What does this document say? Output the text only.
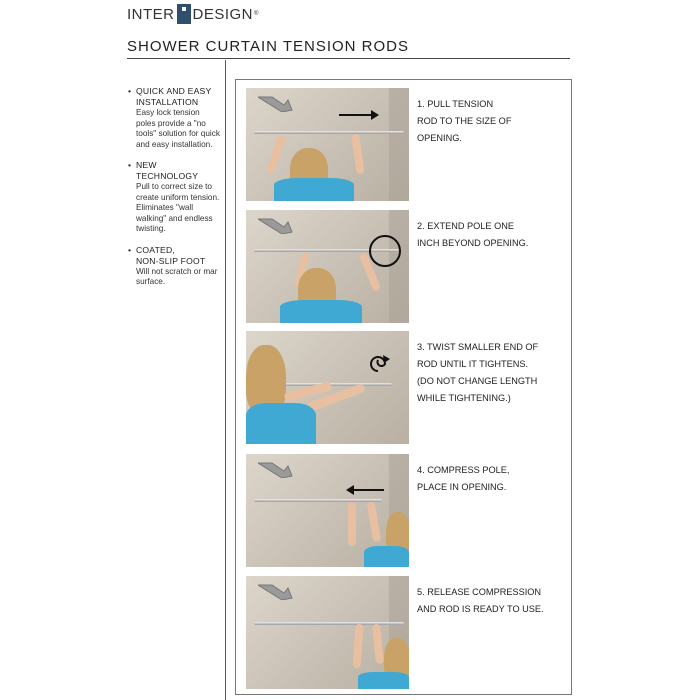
INTER DESIGN ®
SHOWER CURTAIN TENSION RODS
• QUICK AND EASY
INSTALLATION
Easy lock tension poles provide a "no tools" solution for quick and easy installation.
• NEW
TECHNOLOGY
Pull to correct size to create uniform tension. Eliminates "wall walking" and endless twisting.
• COATED,
NON-SLIP FOOT
Will not scratch or mar surface.
1. PULL TENSION
ROD TO THE SIZE OF
OPENING.
2. EXTEND POLE ONE
INCH BEYOND OPENING.
3. TWIST SMALLER END OF
ROD UNTIL IT TIGHTENS.
(DO NOT CHANGE LENGTH
WHILE TIGHTENING.)
4. COMPRESS POLE,
PLACE IN OPENING.
5. RELEASE COMPRESSION
AND ROD IS READY TO USE.
